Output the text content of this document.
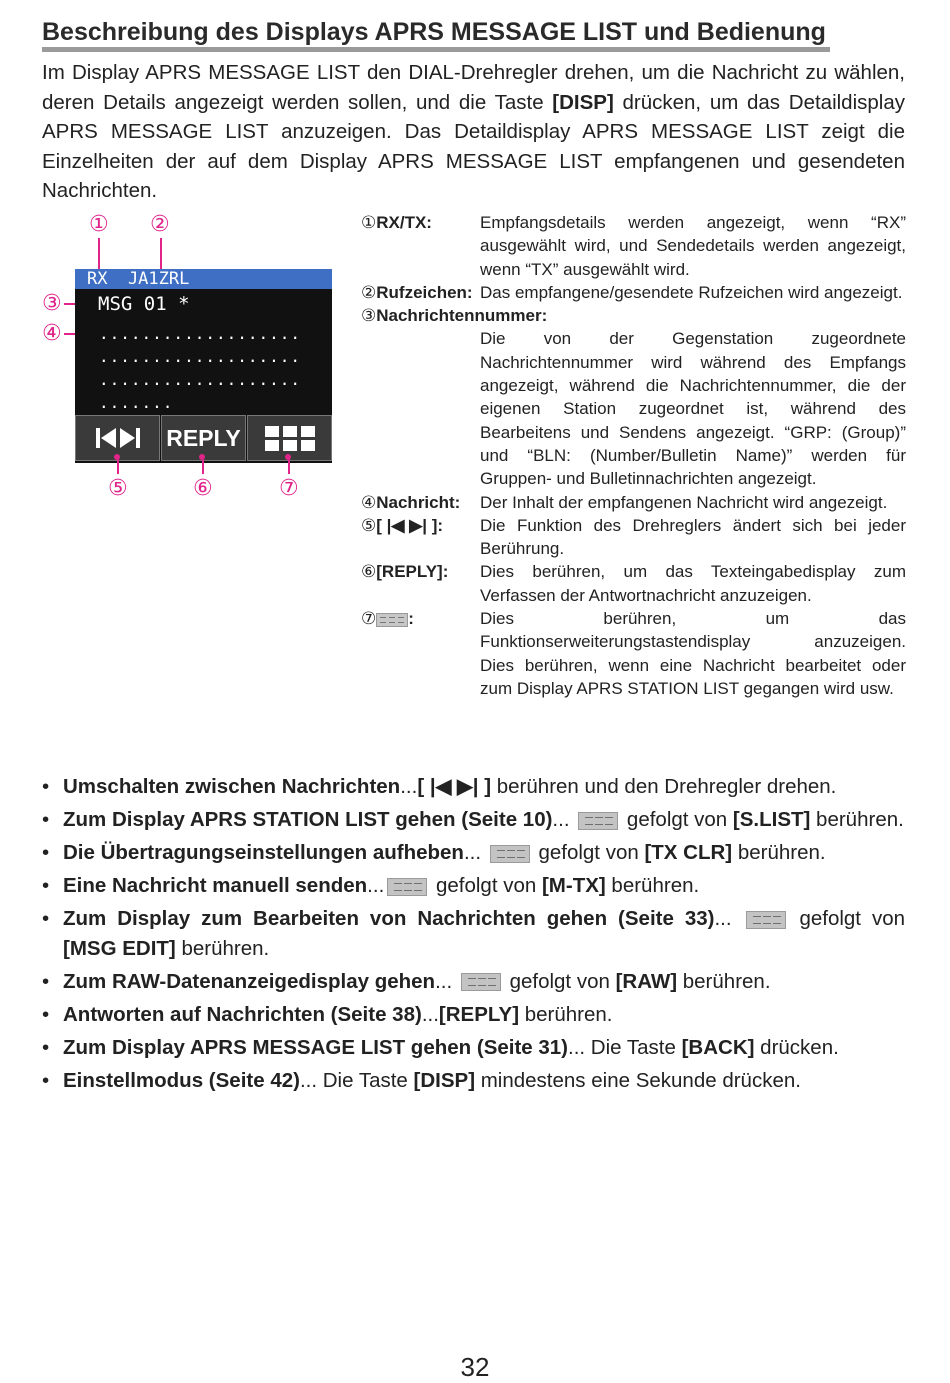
Beschreibung des Displays APRS MESSAGE LIST und Bedienung

Im Display APRS MESSAGE LIST den DIAL-Drehregler drehen, um die Nachricht zu wählen, deren Details angezeigt werden sollen, und die Taste [DISP] drücken, um das Detaildisplay APRS MESSAGE LIST anzuzeigen. Das Detaildisplay APRS MESSAGE LIST zeigt die Einzelheiten der auf dem Display APRS MESSAGE LIST empfangenen und gesendeten Nachrichten.

① ②
③
④
RX  JA1ZRL
MSG 01 *
...................
...................
...................
.......
REPLY
⑤	⑥	⑦
①RX/TX:	Empfangsdetails werden angezeigt, wenn “RX” ausgewählt wird, und Sendedetails werden angezeigt, wenn “TX” ausgewählt wird.
②Rufzeichen: Das empfangene/gesendete Rufzeichen wird angezeigt.
③Nachrichtennummer:
Die von der Gegenstation zugeordnete Nachrichtennummer wird während des Empfangs angezeigt, während die Nachrichtennummer, die der eigenen Station zugeordnet ist, während des Bearbeitens und Sendens angezeigt. “GRP: (Group)” und “BLN: (Number/Bulletin Name)” werden für Gruppen- und Bulletinnachrichten angezeigt.
④Nachricht: Der Inhalt der empfangenen Nachricht wird angezeigt.
⑤[ |◀ ▶| ]: Die Funktion des Drehreglers ändert sich bei jeder Berührung.
⑥[REPLY]: Dies berühren, um das Texteingabedisplay zum Verfassen der Antwortnachricht anzuzeigen.
⑦ :	Dies berühren, um das Funktionserweiterungstastendisplay anzuzeigen.
Dies berühren, wenn eine Nachricht bearbeitet oder zum Display APRS STATION LIST gegangen wird usw.
• Umschalten zwischen Nachrichten...[ |◀ ▶| ] berühren und den Drehregler drehen.
• Zum Display APRS STATION LIST gehen (Seite 10)...	gefolgt von [S.LIST] berühren.
• Die Übertragungseinstellungen aufheben...	gefolgt von [TX CLR] berühren.
• Eine Nachricht manuell senden...
gefolgt von [M-TX] berühren.
• Zum Display zum Bearbeiten von Nachrichten gehen (Seite 33)...	gefolgt von [MSG EDIT] berühren.
• Zum RAW-Datenanzeigedisplay gehen...	gefolgt von [RAW] berühren.
• Antworten auf Nachrichten (Seite 38)...[REPLY] berühren.
• Zum Display APRS MESSAGE LIST gehen (Seite 31)... Die Taste [BACK] drücken.
• Einstellmodus (Seite 42)... Die Taste [DISP] mindestens eine Sekunde drücken.
32
